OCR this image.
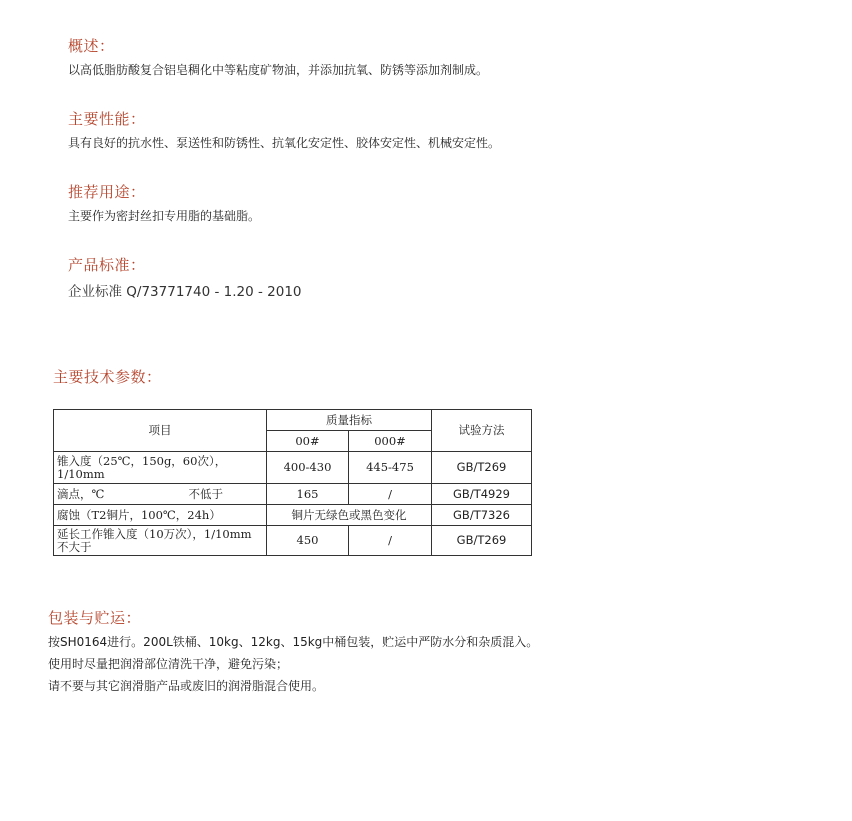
概述：

以高低脂肪酸复合铝皂稠化中等粘度矿物油，并添加抗氧、防锈等添加剂制成。

主要性能：

具有良好的抗水性、泵送性和防锈性、抗氧化安定性、胶体安定性、机械安定性。

推荐用途：

主要作为密封丝扣专用脂的基础脂。

产品标准：

企业标准 Q/73771740 - 1.20 - 2010

主要技术参数：
项目	质量指标		试验方法
	00#	000#	
锥入度（25℃，150g，60次），1/10mm	400-430	445-475	GB/T269

滴点，℃ 不低于	165	/	GB/T4929
腐蚀（T2铜片，100℃，24h）	铜片无绿色或黑色变化		GB/T7326
延长工作锥入度（10万次），1/10mm 不大于	450	/	GB/T269
包装与贮运：

按SH0164进行。200L铁桶、10kg、12kg、15kg中桶包装，贮运中严防水分和杂质混入。

使用时尽量把润滑部位清洗干净，避免污染；

请不要与其它润滑脂产品或废旧的润滑脂混合使用。
